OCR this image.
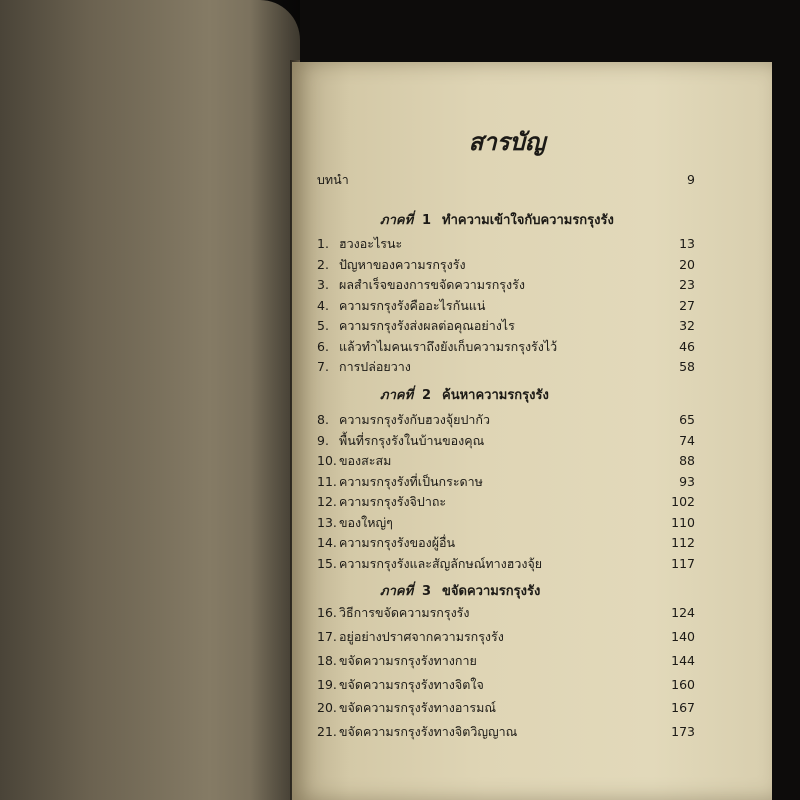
สารบัญ
บทนำ	9
ภาคที่ 1 ทำความเข้าใจกับความรกรุงรัง
1. ฮวงอะไรนะ	13
2. ปัญหาของความรกรุงรัง	20
3. ผลสำเร็จของการขจัดความรกรุงรัง	23
4. ความรกรุงรังคืออะไรกันแน่	27
5. ความรกรุงรังส่งผลต่อคุณอย่างไร	32
6. แล้วทำไมคนเราถึงยังเก็บความรกรุงรังไว้	46
7. การปล่อยวาง	58
ภาคที่ 2 ค้นหาความรกรุงรัง
8. ความรกรุงรังกับฮวงจุ้ยปากัว	65
9. พื้นที่รกรุงรังในบ้านของคุณ	74
10. ของสะสม	88
11. ความรกรุงรังที่เป็นกระดาษ	93
12. ความรกรุงรังจิปาถะ	102
13. ของใหญ่ๆ	110
14. ความรกรุงรังของผู้อื่น	112
15. ความรกรุงรังและสัญลักษณ์ทางฮวงจุ้ย	117
ภาคที่ 3 ขจัดความรกรุงรัง
16. วิธีการขจัดความรกรุงรัง	124
17. อยู่อย่างปราศจากความรกรุงรัง	140
18. ขจัดความรกรุงรังทางกาย	144
19. ขจัดความรกรุงรังทางจิตใจ	160
20. ขจัดความรกรุงรังทางอารมณ์	167
21. ขจัดความรกรุงรังทางจิตวิญญาณ	173
